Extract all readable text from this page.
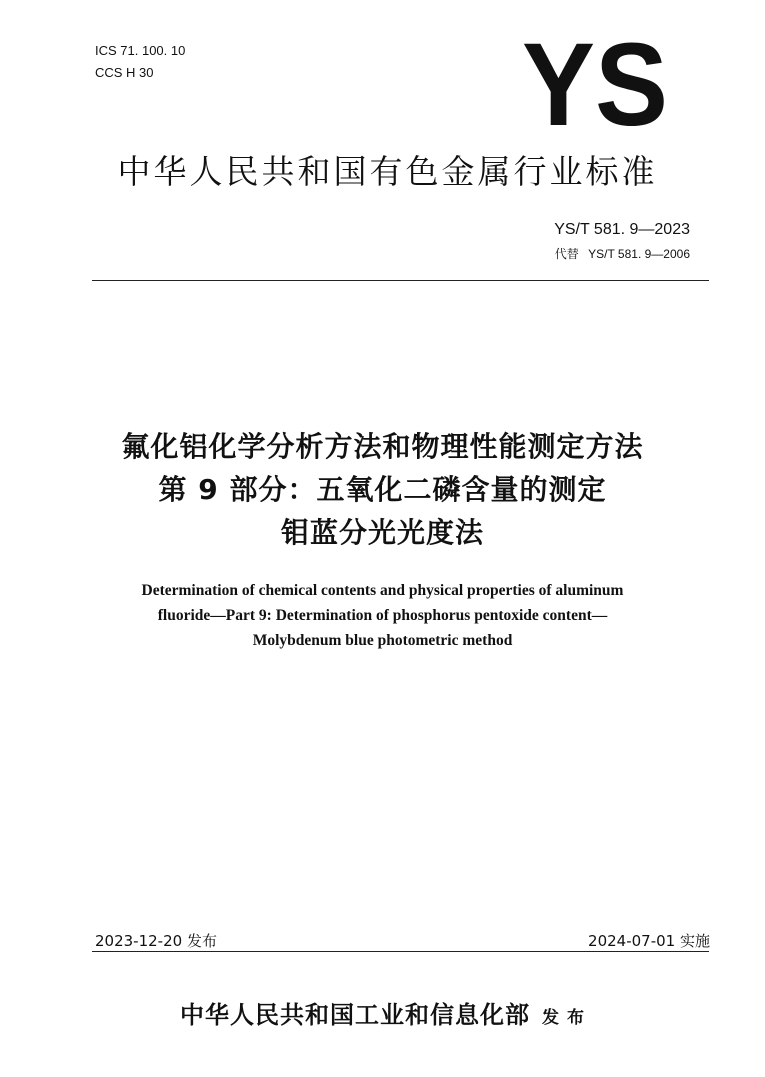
ICS 71. 100. 10
CCS H 30	YS
中华人民共和国有色金属行业标准
YS/T 581. 9—2023
代替 YS/T 581. 9—2006
氟化铝化学分析方法和物理性能测定方法
第 9 部分：五氧化二磷含量的测定
钼蓝分光光度法
Determination of chemical contents and physical properties of aluminum
fluoride—Part 9: Determination of phosphorus pentoxide content—
Molybdenum blue photometric method
2023-12-20 发布	2024-07-01 实施
中华人民共和国工业和信息化部 发 布
